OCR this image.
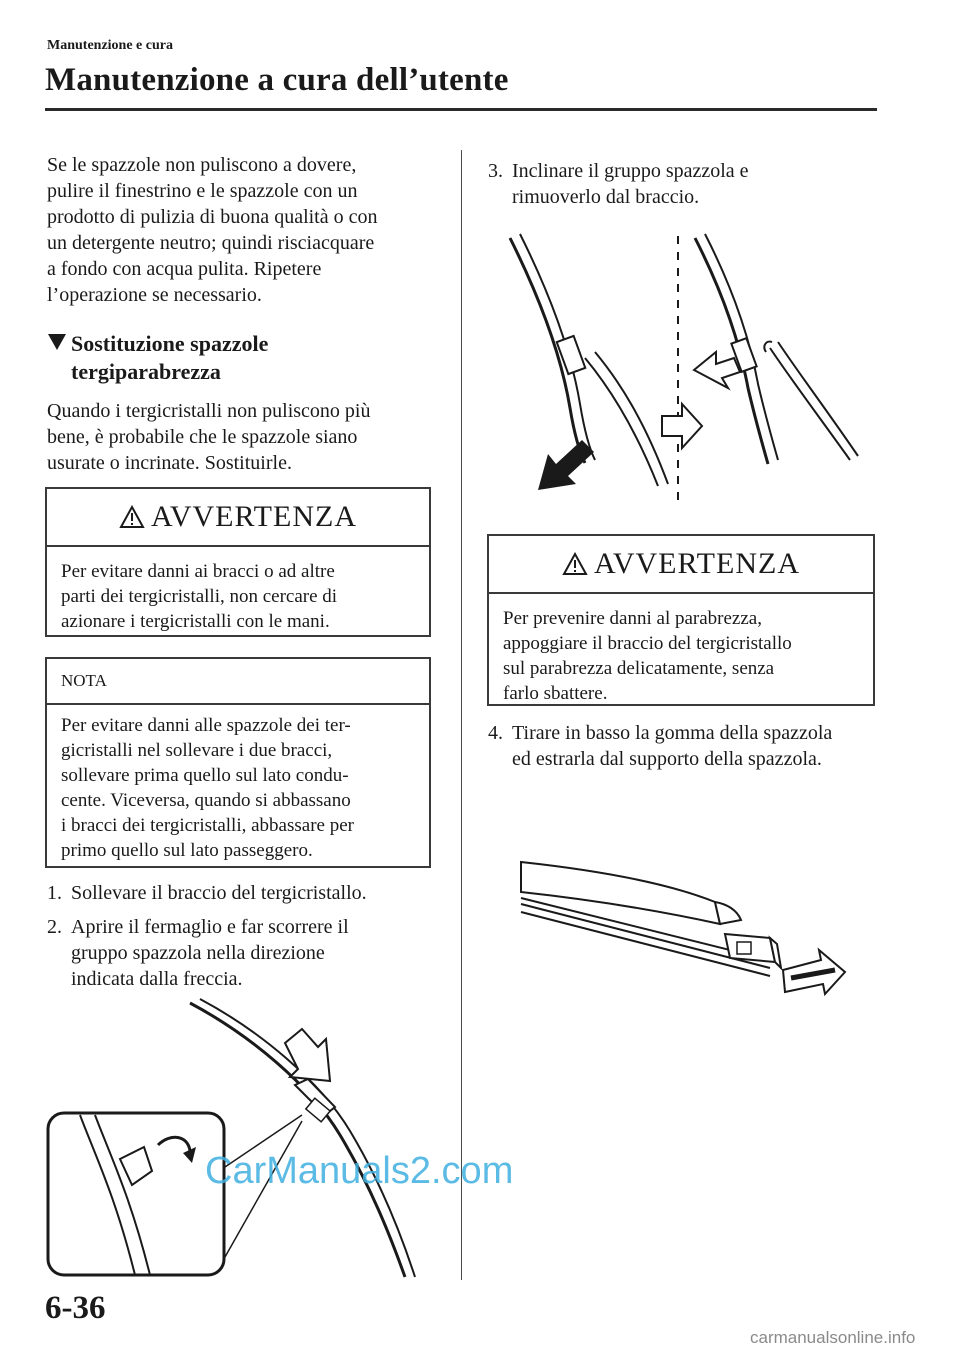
Manutenzione e cura
Manutenzione a cura dell’utente
Se le spazzole non puliscono a dovere,
pulire il finestrino e le spazzole con un
prodotto di pulizia di buona qualità o con
un detergente neutro; quindi risciacquare
a fondo con acqua pulita. Ripetere
l’operazione se necessario.
Sostituzione spazzole
tergiparabrezza
Quando i tergicristalli non puliscono più
bene, è probabile che le spazzole siano
usurate o incrinate. Sostituirle.
AVVERTENZA
Per evitare danni ai bracci o ad altre
parti dei tergicristalli, non cercare di
azionare i tergicristalli con le mani.
NOTA
Per evitare danni alle spazzole dei ter-
gicristalli nel sollevare i due bracci,
sollevare prima quello sul lato condu-
cente. Viceversa, quando si abbassano
i bracci dei tergicristalli, abbassare per
primo quello sul lato passeggero.
1. Sollevare il braccio del tergicristallo.
2. Aprire il fermaglio e far scorrere il
gruppo spazzola nella direzione
indicata dalla freccia.
3. Inclinare il gruppo spazzola e
rimuoverlo dal braccio.
AVVERTENZA
Per prevenire danni al parabrezza,
appoggiare il braccio del tergicristallo
sul parabrezza delicatamente, senza
farlo sbattere.
4. Tirare in basso la gomma della spazzola
ed estrarla dal supporto della spazzola.
6-36
CarManuals2.com
carmanualsonline.info
